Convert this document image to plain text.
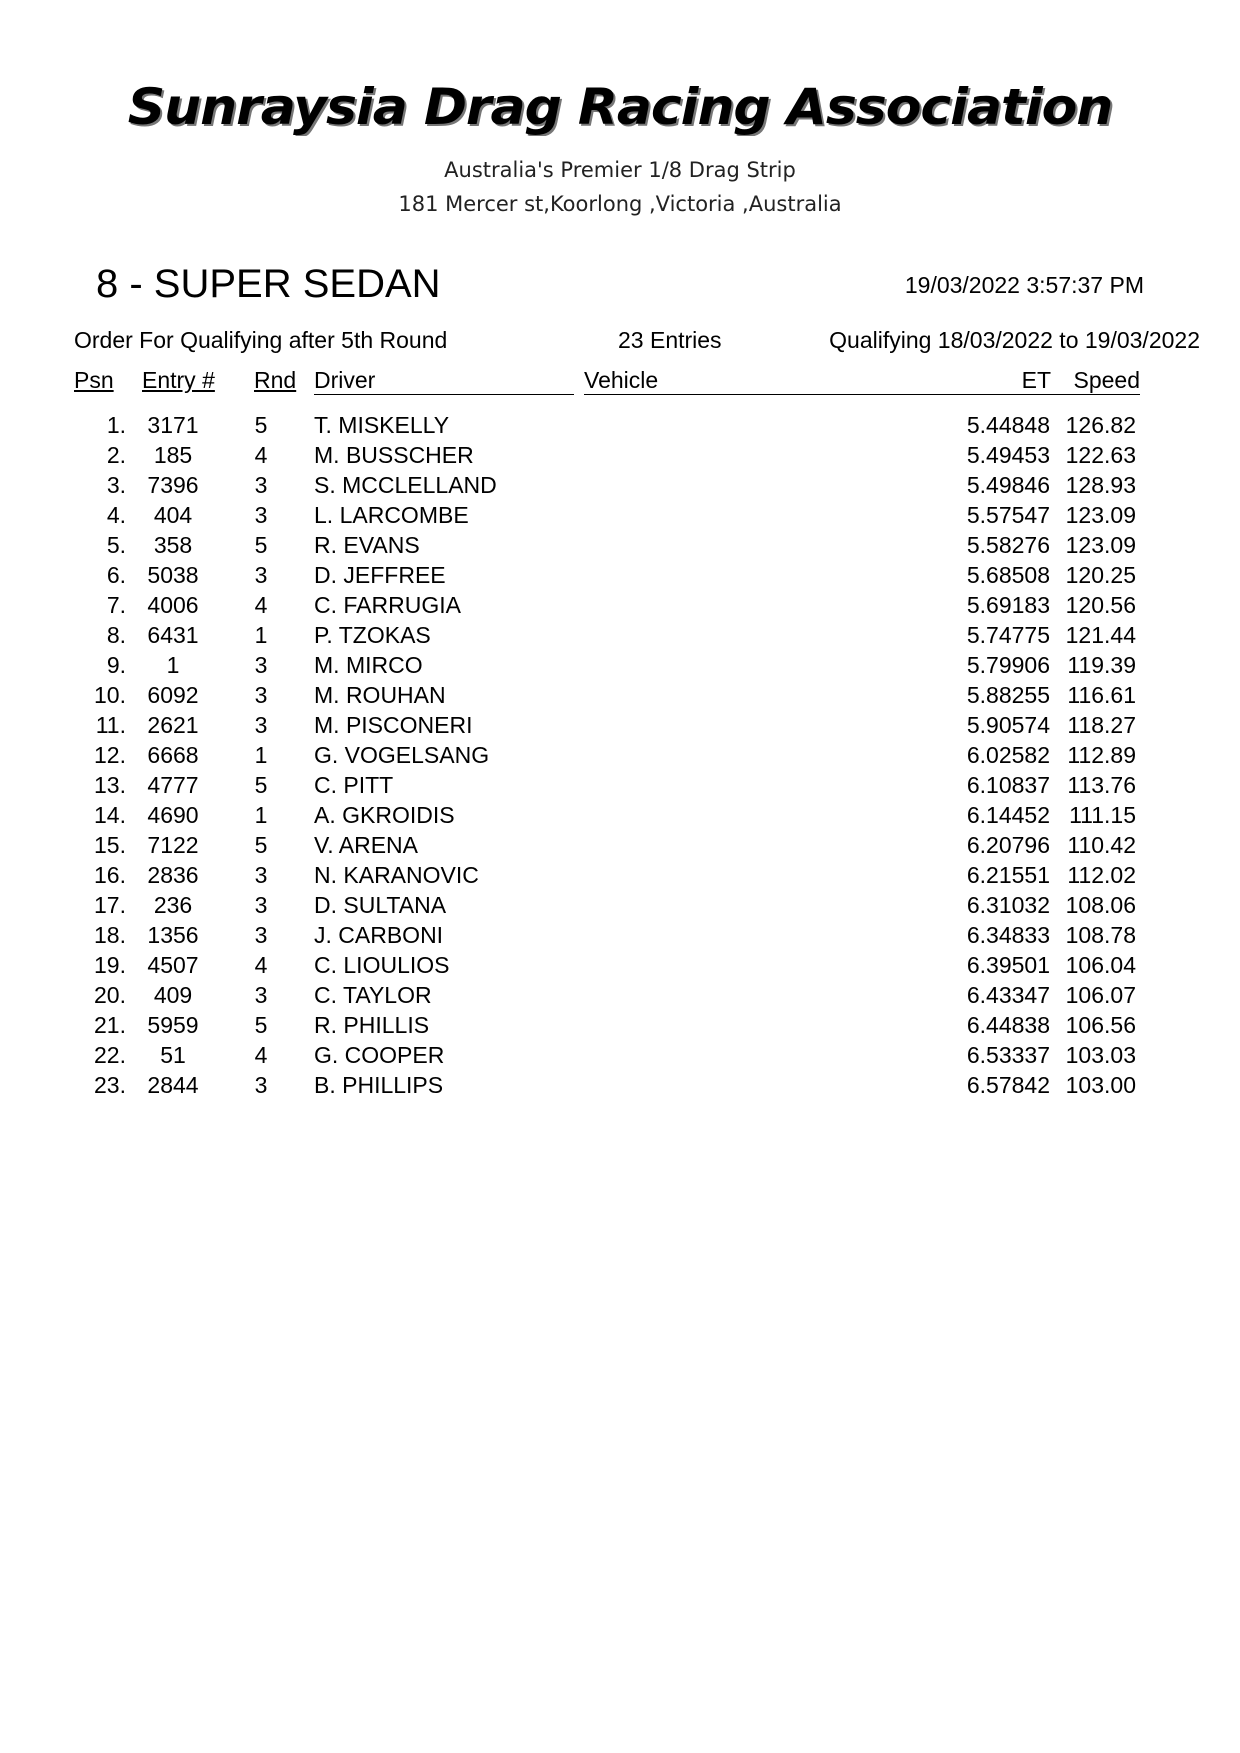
Sunraysia Drag Racing Association
Australia's Premier 1/8 Drag Strip
181 Mercer st,Koorlong ,Victoria ,Australia
8 - SUPER SEDAN	19/03/2022 3:57:37 PM
Order For Qualifying after 5th Round	23 Entries	Qualifying 18/03/2022 to 19/03/2022
Psn Entry # Rnd Driver	Vehicle	ET Speed
1. 3171	5	T. MISKELLY	5.44848 126.82
2.	185	4	M. BUSSCHER	5.49453 122.63
3. 7396	3	S. MCCLELLAND	5.49846 128.93
4.	404	3	L. LARCOMBE	5.57547 123.09
5.	358	5	R. EVANS	5.58276 123.09
6. 5038	3	D. JEFFREE	5.68508 120.25
7. 4006	4	C. FARRUGIA	5.69183 120.56
8. 6431	1	P. TZOKAS	5.74775 121.44
9.	1	3	M. MIRCO	5.79906 119.39
10. 6092	3	M. ROUHAN	5.88255 116.61
11. 2621	3	M. PISCONERI	5.90574 118.27
12. 6668	1	G. VOGELSANG	6.02582 112.89
13. 4777	5	C. PITT	6.10837 113.76
14. 4690	1	A. GKROIDIS	6.14452 111.15
15. 7122	5	V. ARENA	6.20796 110.42
16. 2836	3	N. KARANOVIC	6.21551 112.02
17.	236	3	D. SULTANA	6.31032 108.06
18. 1356	3	J. CARBONI	6.34833 108.78
19. 4507	4	C. LIOULIOS	6.39501 106.04
20.	409	3	C. TAYLOR	6.43347 106.07
21. 5959	5	R. PHILLIS	6.44838 106.56
22.	51	4	G. COOPER	6.53337 103.03
23. 2844	3	B. PHILLIPS	6.57842 103.00
